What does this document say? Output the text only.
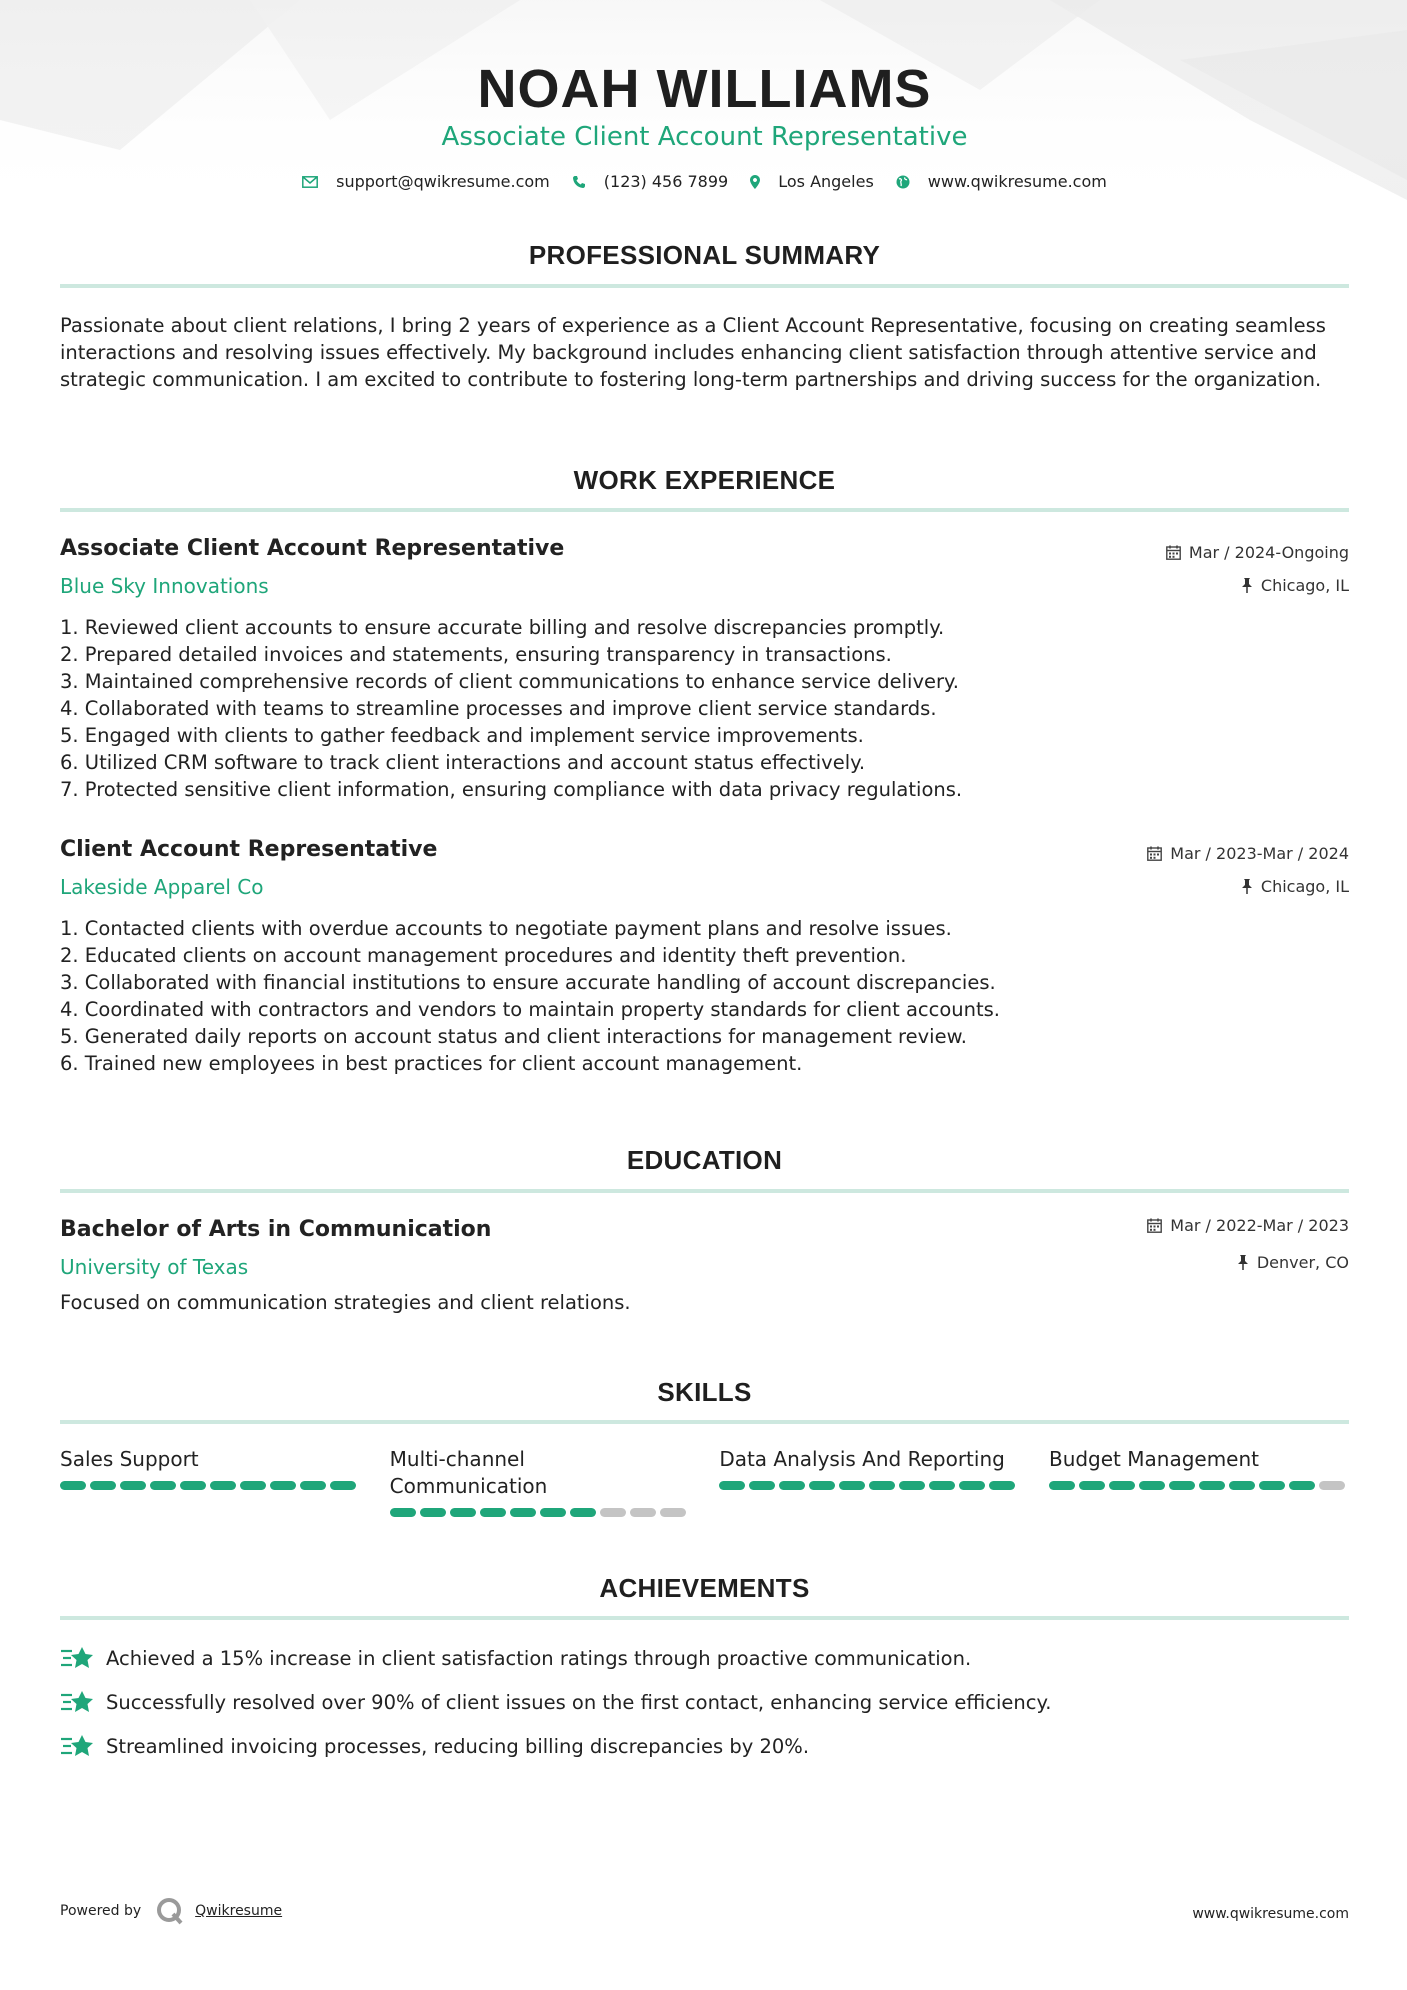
NOAH WILLIAMS
Associate Client Account Representative
support@qwikresume.com	(123) 456 7899	Los Angeles	www.qwikresume.com
PROFESSIONAL SUMMARY
Passionate about client relations, I bring 2 years of experience as a Client Account Representative, focusing on creating seamless interactions and resolving issues effectively. My background includes enhancing client satisfaction through attentive service and strategic communication. I am excited to contribute to fostering long-term partnerships and driving success for the organization.
WORK EXPERIENCE
Associate Client Account Representative
Blue Sky Innovations
Mar / 2024-Ongoing
Chicago, IL
1. Reviewed client accounts to ensure accurate billing and resolve discrepancies promptly.
2. Prepared detailed invoices and statements, ensuring transparency in transactions.
3. Maintained comprehensive records of client communications to enhance service delivery.
4. Collaborated with teams to streamline processes and improve client service standards.
5. Engaged with clients to gather feedback and implement service improvements.
6. Utilized CRM software to track client interactions and account status effectively.
7. Protected sensitive client information, ensuring compliance with data privacy regulations.
Client Account Representative
Lakeside Apparel Co
Mar / 2023-Mar / 2024
Chicago, IL
1. Contacted clients with overdue accounts to negotiate payment plans and resolve issues.
2. Educated clients on account management procedures and identity theft prevention.
3. Collaborated with financial institutions to ensure accurate handling of account discrepancies.
4. Coordinated with contractors and vendors to maintain property standards for client accounts.
5. Generated daily reports on account status and client interactions for management review.
6. Trained new employees in best practices for client account management.
EDUCATION
Bachelor of Arts in Communication
University of Texas
Mar / 2022-Mar / 2023
Denver, CO
Focused on communication strategies and client relations.
SKILLS
Sales Support	Multi-channel Communication
Data Analysis And Reporting	Budget Management
ACHIEVEMENTS
Achieved a 15% increase in client satisfaction ratings through proactive communication.
Successfully resolved over 90% of client issues on the first contact, enhancing service efficiency.
Streamlined invoicing processes, reducing billing discrepancies by 20%.
Powered by	Qwikresume	www.qwikresume.com
